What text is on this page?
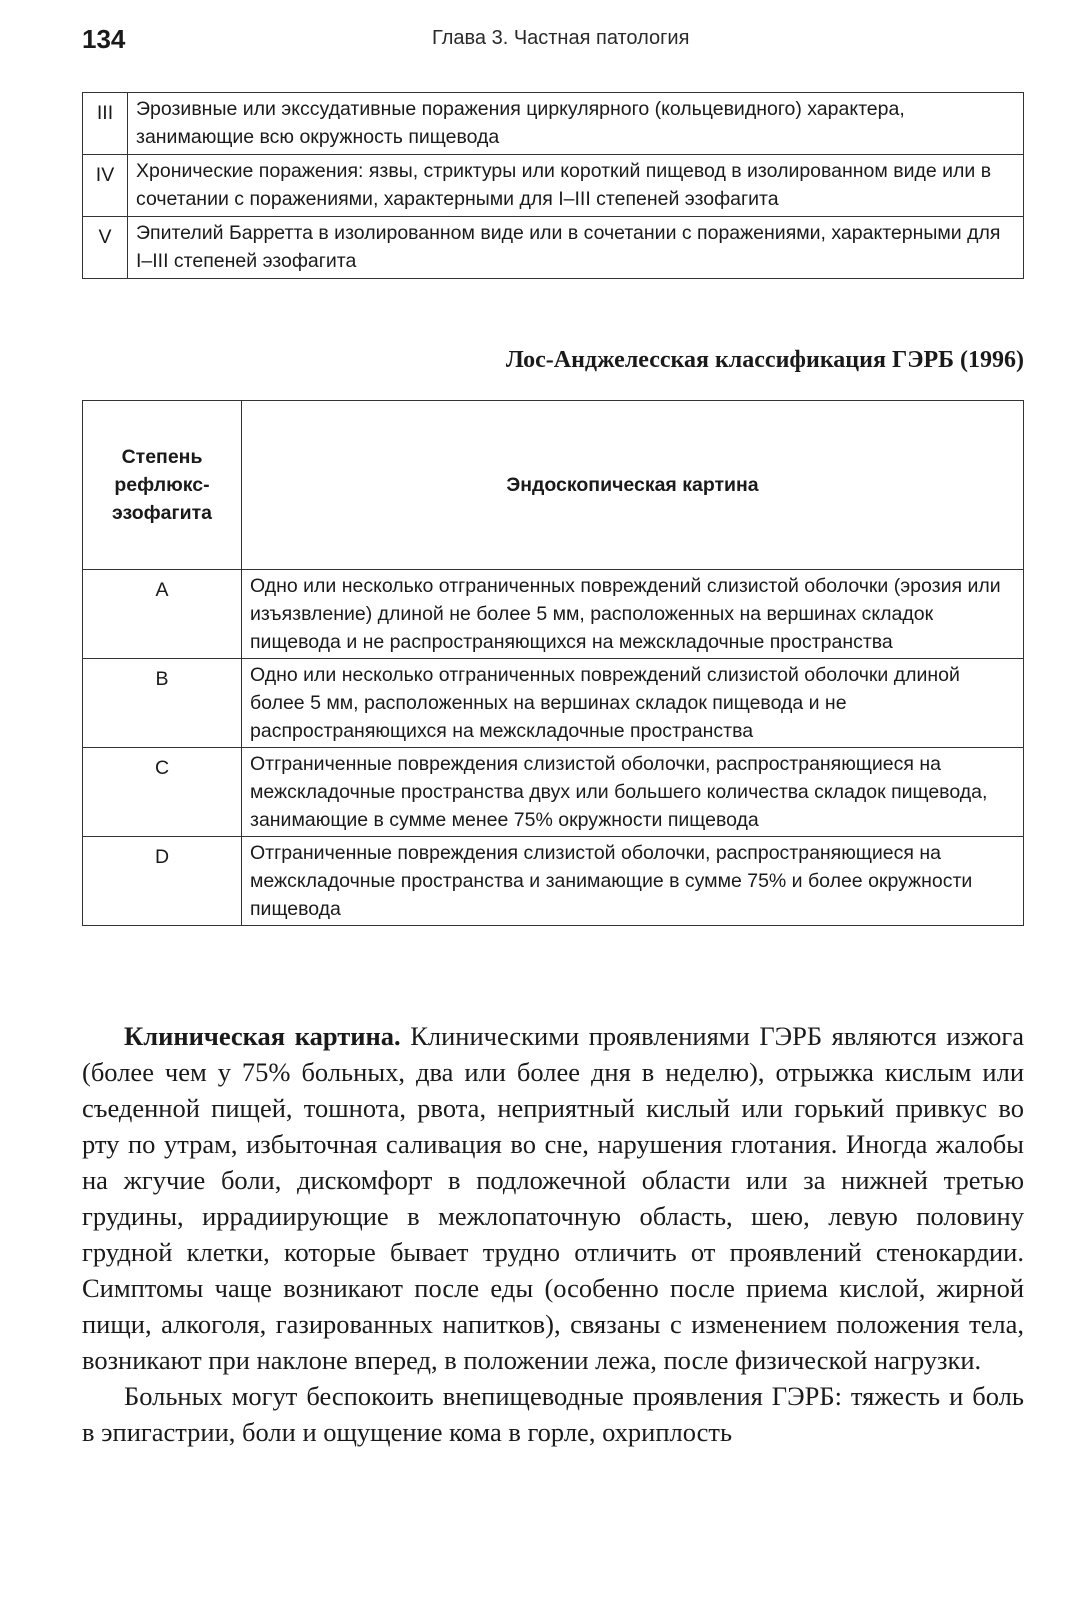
134	Глава 3. Частная патология
III	Эрозивные или экссудативные поражения циркулярного (кольцевидного) характера, занимающие всю окружность пищевода
IV	Хронические поражения: язвы, стриктуры или короткий пищевод в изолированном виде или в сочетании с поражениями, характерными для I–III степеней эзофагита
V	Эпителий Барретта в изолированном виде или в сочетании с поражениями, характерными для I–III степеней эзофагита
Лос-Анджелесская классификация ГЭРБ (1996)
Степень рефлюкс-эзофагита	Эндоскопическая картина
A	Одно или несколько отграниченных повреждений слизистой оболочки (эрозия или изъязвление) длиной не более 5 мм, расположенных на вершинах складок пищевода и не распространяющихся на межскладочные пространства
B	Одно или несколько отграниченных повреждений слизистой оболочки длиной более 5 мм, расположенных на вершинах складок пищевода и не распространяющихся на межскладочные пространства
C	Отграниченные повреждения слизистой оболочки, распространяющиеся на межскладочные пространства двух или большего количества складок пищевода, занимающие в сумме менее 75% окружности пищевода
D	Отграниченные повреждения слизистой оболочки, распространяющиеся на межскладочные пространства и занимающие в сумме 75% и более окружности пищевода

Клиническая картина. Клиническими проявлениями ГЭРБ являются изжога (более чем у 75% больных, два или более дня в неделю), отрыжка кислым или съеденной пищей, тошнота, рвота, неприятный кислый или горький привкус во рту по утрам, избыточная саливация во сне, нарушения глотания. Иногда жалобы на жгучие боли, дискомфорт в подложечной области или за нижней третью грудины, иррадиирующие в межлопаточную область, шею, левую половину грудной клетки, которые бывает трудно отличить от проявлений стенокардии. Симптомы чаще возникают после еды (особенно после приема кислой, жирной пищи, алкоголя, газированных напитков), связаны с изменением положения тела, возникают при наклоне вперед, в положении лежа, после физической нагрузки.

Больных могут беспокоить внепищеводные проявления ГЭРБ: тяжесть и боль в эпигастрии, боли и ощущение кома в горле, охриплость
